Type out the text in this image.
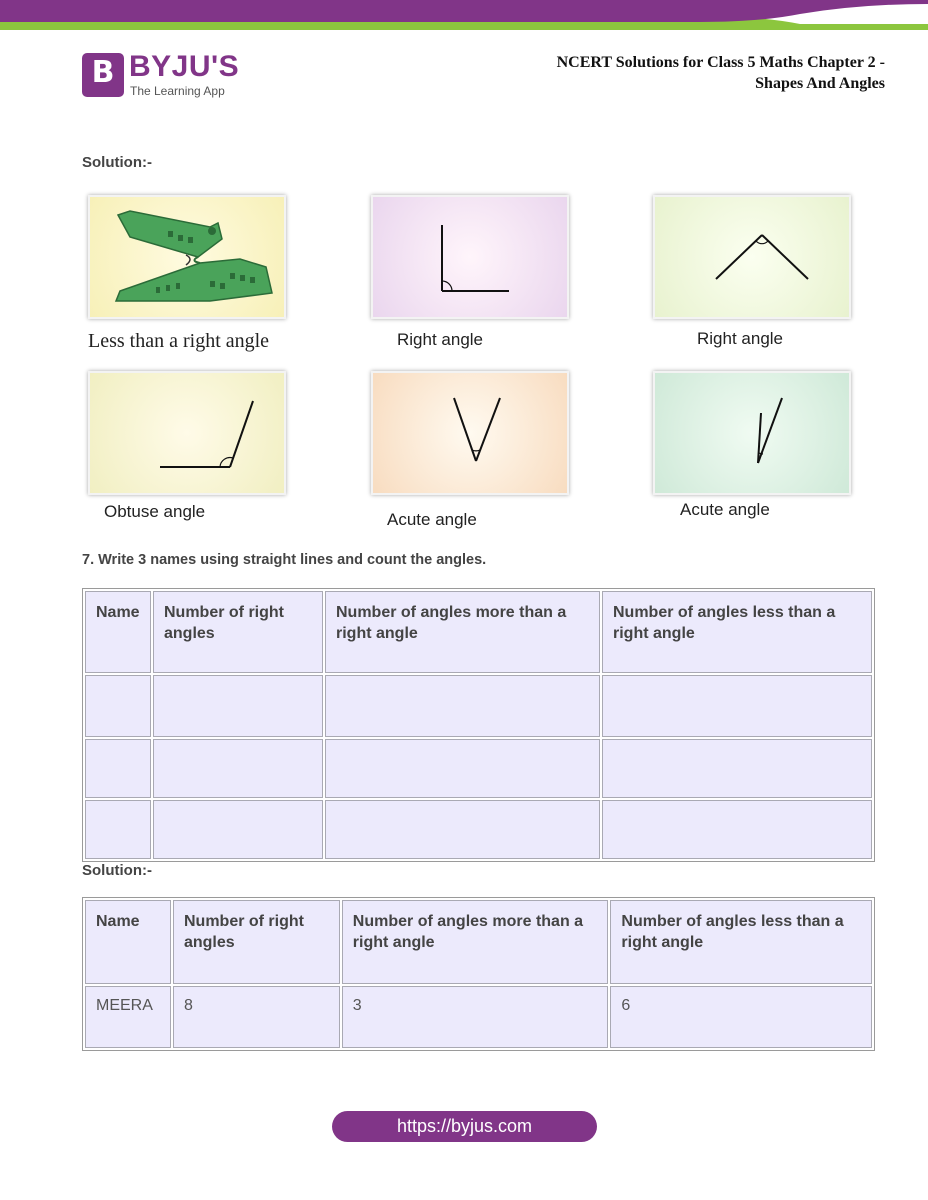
B BYJU'S
The Learning App
NCERT Solutions for Class 5 Maths Chapter 2 -
Shapes And Angles
Solution:-
Less than a right angle	Right angle	Right angle
Obtuse angle	Acute angle
Acute angle
7. Write 3 names using straight lines and count the angles.
Name	Number of right angles	Number of angles more than a right angle	Number of angles less than a right angle

Solution:-
Name	Number of right angles	Number of angles more than a right angle	Number of angles less than a right angle
MEERA	8	3	6
https://byjus.com
